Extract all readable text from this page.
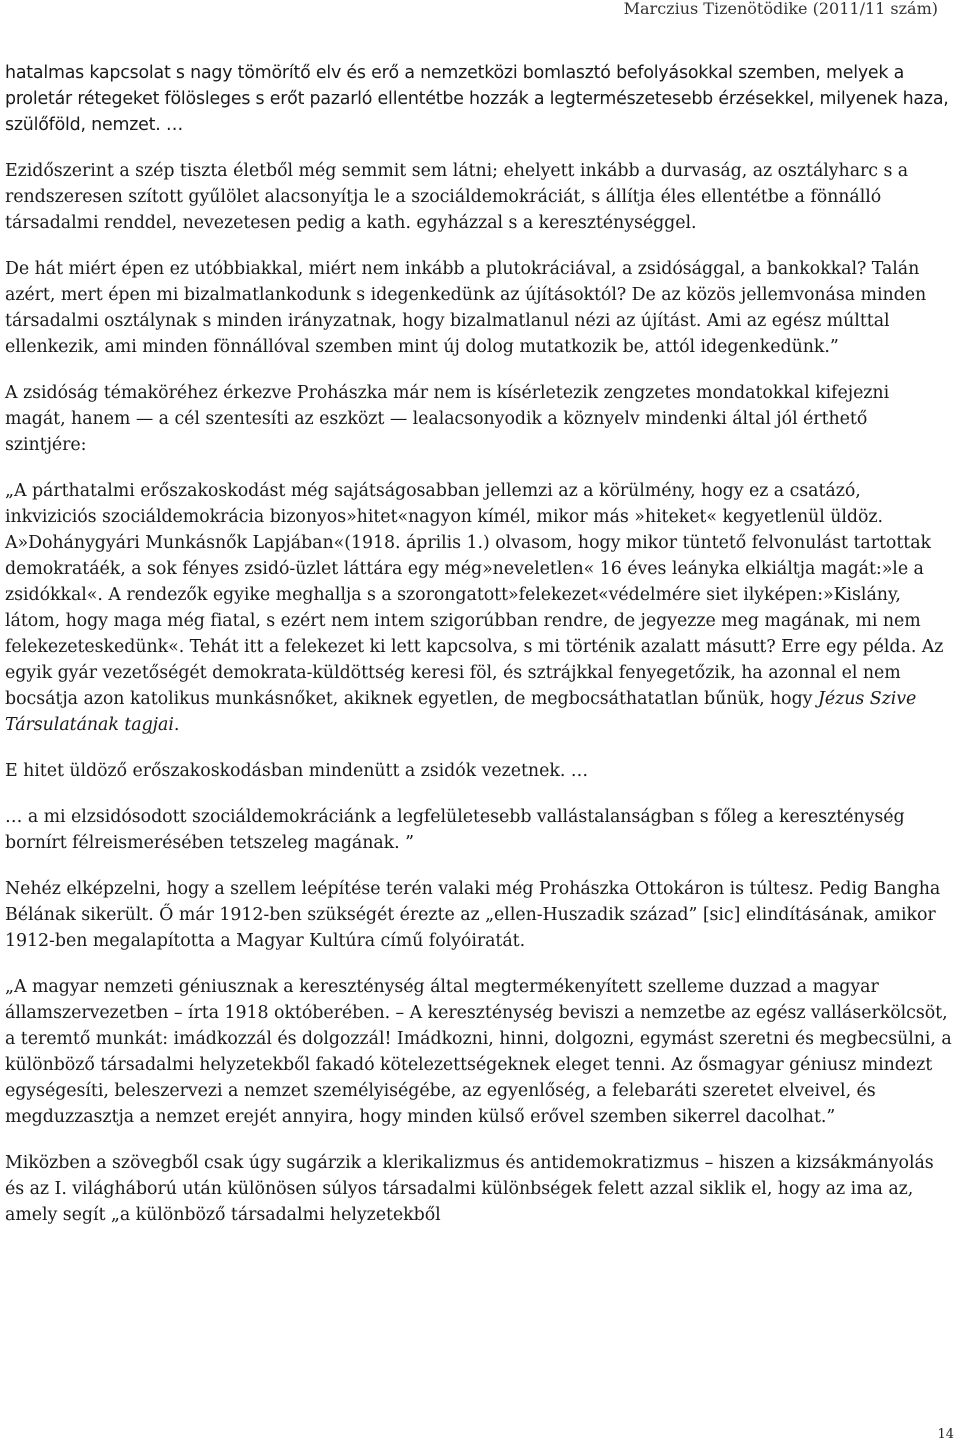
Marczius Tizenötödike (2011/11 szám)

hatalmas kapcsolat s nagy tömörítő elv és erő a nemzetközi bomlasztó befolyásokkal szemben, melyek a proletár rétegeket fölösleges s erőt pazarló ellentétbe hozzák a legtermészetesebb érzésekkel, milyenek haza, szülőföld, nemzet. …

Ezidőszerint a szép tiszta életből még semmit sem látni; ehelyett inkább a durvaság, az osztályharc s a rendszeresen szított gyűlölet alacsonyítja le a szociáldemokráciát, s állítja éles ellentétbe a fönnálló társadalmi renddel, nevezetesen pedig a kath. egyházzal s a kereszténységgel.

De hát miért épen ez utóbbiakkal, miért nem inkább a plutokráciával, a zsidósággal, a bankokkal? Talán azért, mert épen mi bizalmatlankodunk s idegenkedünk az újításoktól? De az közös jellemvonása minden társadalmi osztálynak s minden irányzatnak, hogy bizalmatlanul nézi az újítást. Ami az egész múlttal ellenkezik, ami minden fönnállóval szemben mint új dolog mutatkozik be, attól idegenkedünk.”

A zsidóság témaköréhez érkezve Prohászka már nem is kísérletezik zengzetes mondatokkal kifejezni magát, hanem — a cél szentesíti az eszközt — lealacsonyodik a köznyelv mindenki által jól érthető szintjére:

„A párthatalmi erőszakoskodást még sajátságosabban jellemzi az a körülmény, hogy ez a csatázó, inkviziciós szociáldemokrácia bizonyos»hitet«nagyon kímél, mikor más »hiteket« kegyetlenül üldöz. A»Dohánygyári Munkásnők Lapjában«(1918. április 1.) olvasom, hogy mikor tüntető felvonulást tartottak demokratáék, a sok fényes zsidó-üzlet láttára egy még»neveletlen« 16 éves leányka elkiáltja magát:»le a zsidókkal«. A rendezők egyike meghallja s a szorongatott»felekezet«védelmére siet ilyképen:»Kislány, látom, hogy maga még fiatal, s ezért nem intem szigorúbban rendre, de jegyezze meg magának, mi nem felekezeteskedünk«. Tehát itt a felekezet ki lett kapcsolva, s mi történik azalatt másutt? Erre egy példa. Az egyik gyár vezetőségét demokrata-küldöttség keresi föl, és sztrájkkal fenyegetőzik, ha azonnal el nem bocsátja azon katolikus munkásnőket, akiknek egyetlen, de megbocsáthatatlan bűnük, hogy Jézus Szive Társulatának tagjai.

E hitet üldöző erőszakoskodásban mindenütt a zsidók vezetnek. …

… a mi elzsidósodott szociáldemokráciánk a legfelületesebb vallástalanságban s főleg a kereszténység bornírt félreismerésében tetszeleg magának. ”

Nehéz elképzelni, hogy a szellem leépítése terén valaki még Prohászka Ottokáron is túltesz. Pedig Bangha Bélának sikerült. Ő már 1912-ben szükségét érezte az „ellen-Huszadik század” [sic] elindításának, amikor 1912-ben megalapította a Magyar Kultúra című folyóiratát.

„A magyar nemzeti géniusznak a kereszténység által megtermékenyített szelleme duzzad a magyar államszervezetben – írta 1918 októberében. – A kereszténység beviszi a nemzetbe az egész valláserkölcsöt, a teremtő munkát: imádkozzál és dolgozzál! Imádkozni, hinni, dolgozni, egymást szeretni és megbecsülni, a különböző társadalmi helyzetekből fakadó kötelezettségeknek eleget tenni. Az ősmagyar géniusz mindezt egységesíti, beleszervezi a nemzet személyiségébe, az egyenlőség, a felebaráti szeretet elveivel, és megduzzasztja a nemzet erejét annyira, hogy minden külső erővel szemben sikerrel dacolhat.”

Miközben a szövegből csak úgy sugárzik a klerikalizmus és antidemokratizmus – hiszen a kizsákmányolás és az I. világháború után különösen súlyos társadalmi különbségek felett azzal siklik el, hogy az ima az, amely segít „a különböző társadalmi helyzetekből

14
